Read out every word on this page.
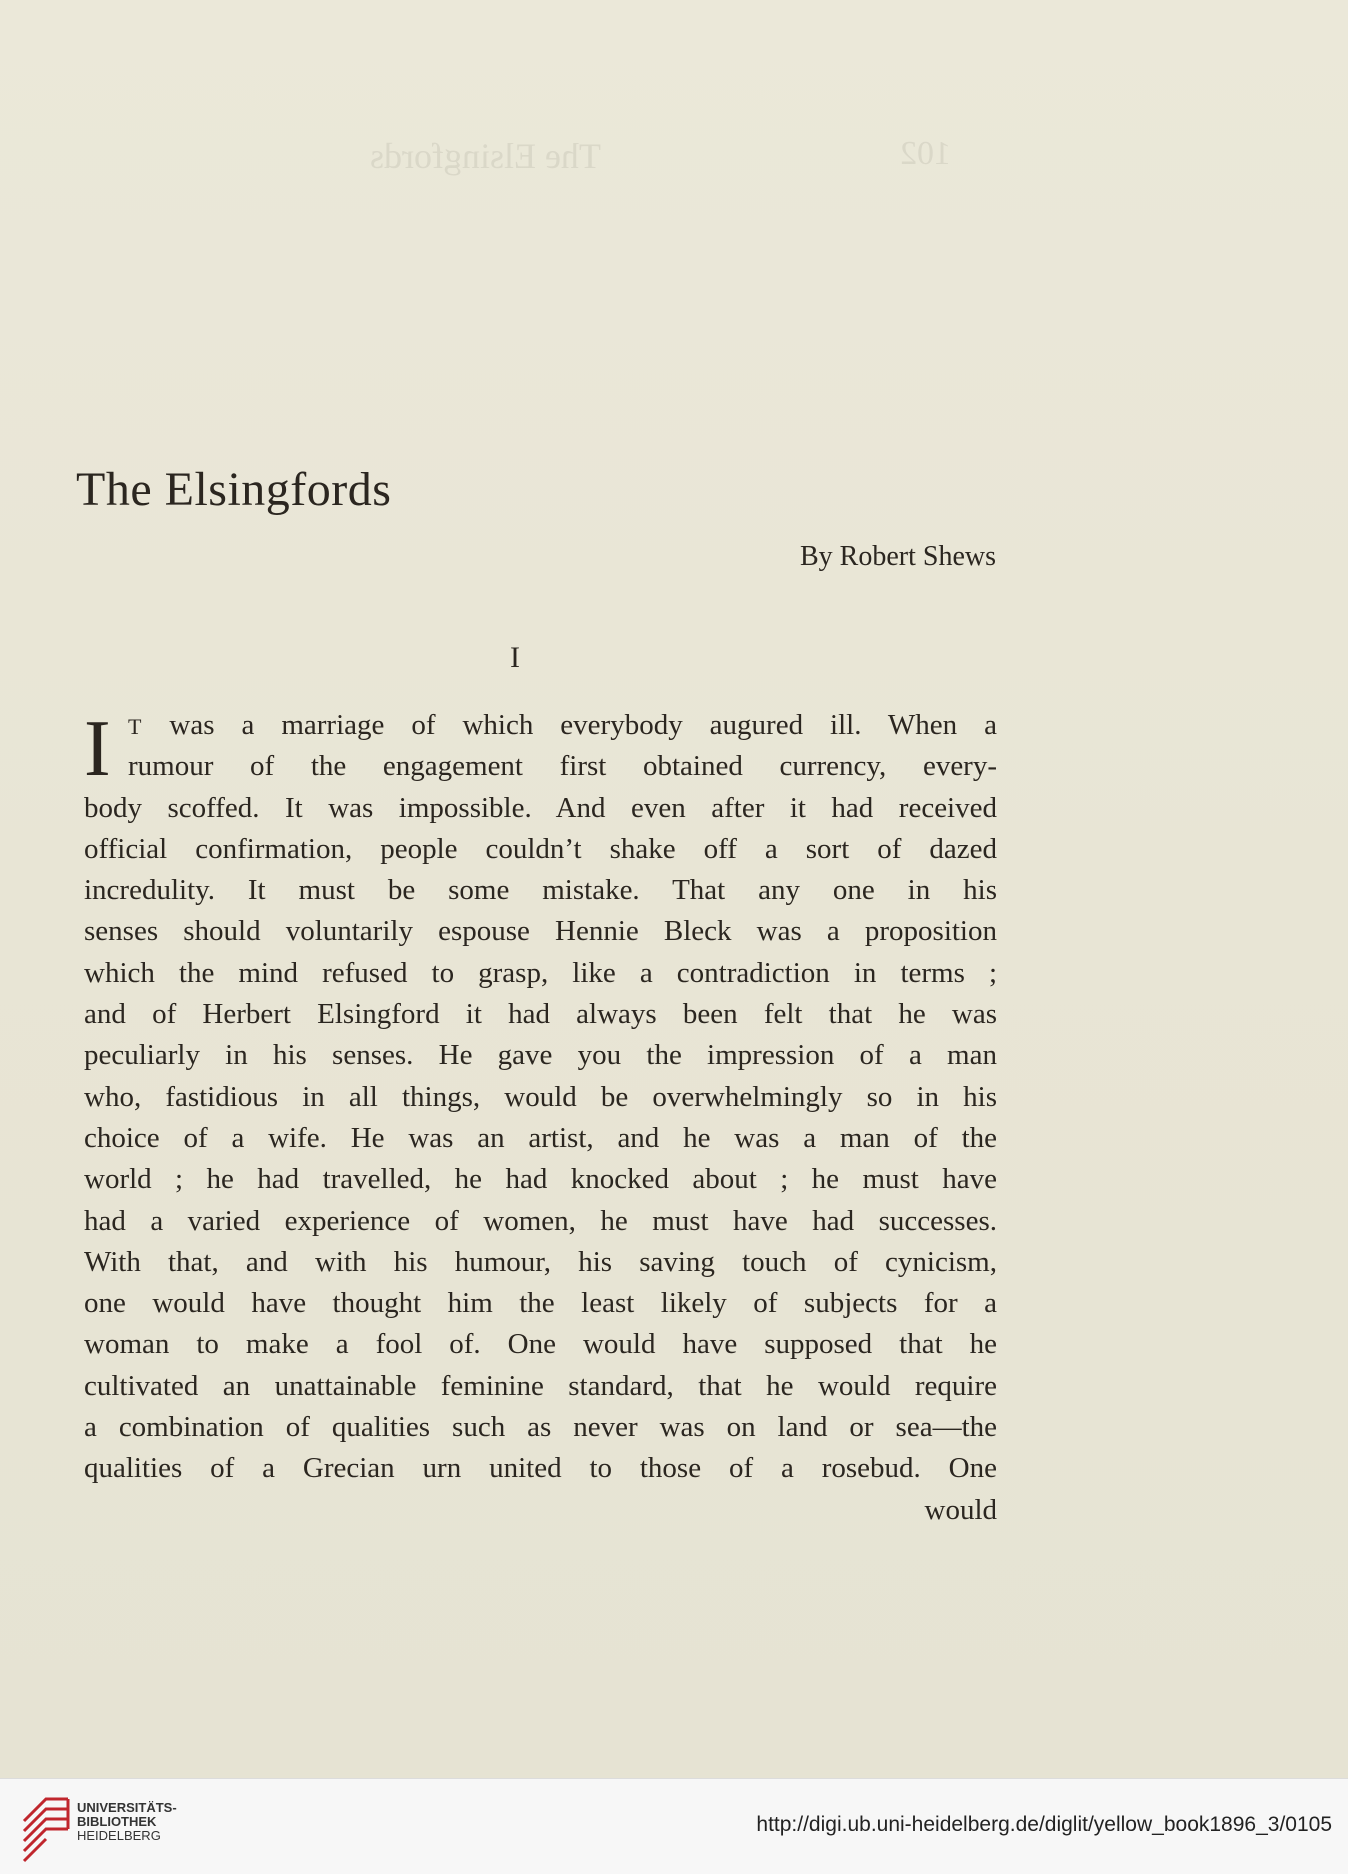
102
The Elsingfords
The Elsingfords
By Robert Shews
I
I T was a marriage of which everybody augured ill. When a
rumour of the engagement first obtained currency, every-
body scoffed. It was impossible. And even after it had received
official confirmation, people couldn’t shake off a sort of dazed
incredulity. It must be some mistake. That any one in his
senses should voluntarily espouse Hennie Bleck was a proposition
which the mind refused to grasp, like a contradiction in terms ;
and of Herbert Elsingford it had always been felt that he was
peculiarly in his senses. He gave you the impression of a man
who, fastidious in all things, would be overwhelmingly so in his
choice of a wife. He was an artist, and he was a man of the
world ; he had travelled, he had knocked about ; he must have
had a varied experience of women, he must have had successes.
With that, and with his humour, his saving touch of cynicism,
one would have thought him the least likely of subjects for a
woman to make a fool of. One would have supposed that he
cultivated an unattainable feminine standard, that he would require
a combination of qualities such as never was on land or sea—the
qualities of a Grecian urn united to those of a rosebud. One
would
UNIVERSITÄTS-
BIBLIOTHEK
HEIDELBERG	http://digi.ub.uni-heidelberg.de/diglit/yellow_book1896_3/0105
